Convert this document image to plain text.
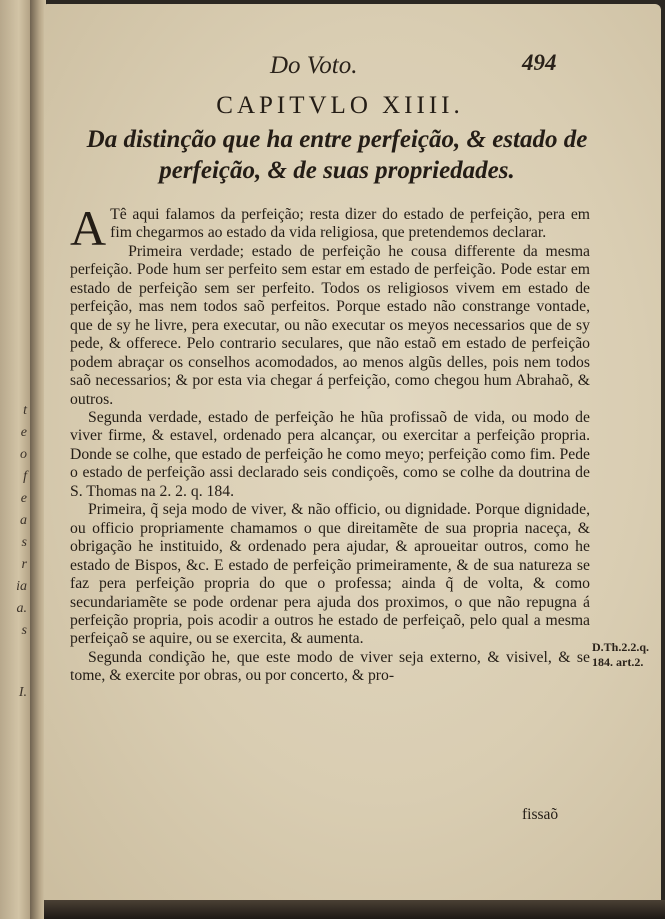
t
e
o
f
e
a
s
r
ia
a.
s
I.
Do Voto.	494
CAPITVLO XIIII.
Da distinção que ha entre perfeição, & estado de perfeição, & de suas propriedades.

A Tê aqui falamos da perfeição; resta dizer do estado de perfeição, pera em fim chegarmos ao estado da vida religiosa, que pretendemos declarar.

Primeira verdade; estado de perfeição he cousa differente da mesma perfeição. Pode hum ser perfeito sem estar em estado de perfeição. Pode estar em estado de perfeição sem ser perfeito. Todos os religiosos vivem em estado de perfeição, mas nem todos saõ perfeitos. Porque estado não constrange vontade, que de sy he livre, pera executar, ou não executar os meyos necessarios que de sy pede, & offerece. Pelo contrario seculares, que não estaõ em estado de perfeição podem abraçar os conselhos acomodados, ao menos algũs delles, pois nem todos saõ necessarios; & por esta via chegar á perfeição, como chegou hum Abrahaõ, & outros.

Segunda verdade, estado de perfeição he hũa profissaõ de vida, ou modo de viver firme, & estavel, ordenado pera alcançar, ou exercitar a perfeição propria. Donde se colhe, que estado de perfeição he como meyo; perfeição como fim. Pede o estado de perfeição assi declarado seis condiçoẽs, como se colhe da doutrina de S. Thomas na 2. 2. q. 184.

Primeira, q̃ seja modo de viver, & não officio, ou dignidade. Porque dignidade, ou officio propriamente chamamos o que direitamẽte de sua propria naceça, & obrigação he instituido, & ordenado pera ajudar, & aproueitar outros, como he estado de Bispos, &c. E estado de perfeição primeiramente, & de sua natureza se faz pera perfeição propria do que o professa; ainda q̃ de volta, & como secundariamẽte se pode ordenar pera ajuda dos proximos, o que não repugna á perfeição propria, pois acodir a outros he estado de perfeiçaõ, pelo qual a mesma perfeiçaõ se aquire, ou se exercita, & aumenta.

Segunda condição he, que este modo de viver seja externo, & visivel, & se tome, & exercite por obras, ou por concerto, & pro-

D.Th.2.2.q. 184. art.2.
fissaõ
